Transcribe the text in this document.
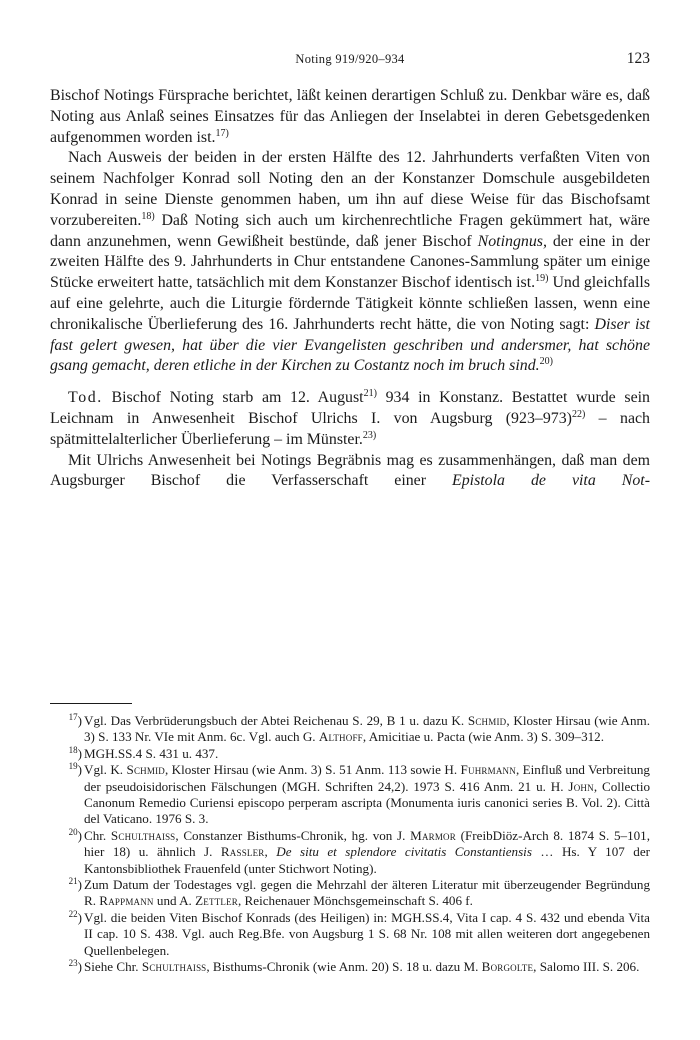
Noting 919/920–934	123

Bischof Notings Fürsprache berichtet, läßt keinen derartigen Schluß zu. Denkbar wäre es, daß Noting aus Anlaß seines Einsatzes für das Anliegen der Inselabtei in deren Gebetsgedenken aufgenommen worden ist.$^{17)}$

Nach Ausweis der beiden in der ersten Hälfte des 12. Jahrhunderts verfaßten Viten von seinem Nachfolger Konrad soll Noting den an der Konstanzer Domschule ausgebildeten Konrad in seine Dienste genommen haben, um ihn auf diese Weise für das Bischofsamt vorzubereiten.$^{18)}$ Daß Noting sich auch um kirchenrechtliche Fragen gekümmert hat, wäre dann anzunehmen, wenn Gewißheit bestünde, daß jener Bischof Notingnus, der eine in der zweiten Hälfte des 9. Jahrhunderts in Chur entstandene Canones-Sammlung später um einige Stücke erweitert hatte, tatsächlich mit dem Konstanzer Bischof identisch ist.$^{19)}$ Und gleichfalls auf eine gelehrte, auch die Liturgie fördernde Tätigkeit könnte schließen lassen, wenn eine chronikalische Überlieferung des 16. Jahrhunderts recht hätte, die von Noting sagt: Diser ist fast gelert gwesen, hat über die vier Evangelisten geschriben und andersmer, hat schöne gsang gemacht, deren etliche in der Kirchen zu Costantz noch im bruch sind.$^{20)}$

Tod. Bischof Noting starb am 12. August$^{21)}$ 934 in Konstanz. Bestattet wurde sein Leichnam in Anwesenheit Bischof Ulrichs I. von Augsburg $(923-973)^{22)}$ – nach spätmittelalterlicher Überlieferung – im Münster.$^{23)}$

Mit Ulrichs Anwesenheit bei Notings Begräbnis mag es zusammenhängen, daß man dem Augsburger Bischof die Verfasserschaft einer Epistola de vita Not-

$^{17}$) Vgl. Das Verbrüderungsbuch der Abtei Reichenau S. 29, B 1 u. dazu K. Schmid, Kloster Hirsau (wie Anm. 3) S. 133 Nr. VIe mit Anm. 6c. Vgl. auch G. Althoff, Amicitiae u. Pacta (wie Anm. 3) S. 309–312.
$^{18}$) MGH.SS.4 S. 431 u. 437.
$^{19}$) Vgl. K. Schmid, Kloster Hirsau (wie Anm. 3) S. 51 Anm. 113 sowie H. Fuhrmann, Einfluß und Verbreitung der pseudoisidorischen Fälschungen (MGH. Schriften 24,2). 1973 S. 416 Anm. 21 u. H. John, Collectio Canonum Remedio Curiensi episcopo perperam ascripta (Monumenta iuris canonici series B. Vol. 2). Città del Vaticano. 1976 S. 3.
$^{20}$) Chr. Schulthaiß, Constanzer Bisthums-Chronik, hg. von J. Marmor (FreibDiöz-Arch 8. 1874 S. 5–101, hier 18) u. ähnlich J. Rassler, De situ et splendore civitatis Constantiensis … Hs. Y 107 der Kantonsbibliothek Frauenfeld (unter Stichwort Noting).
$^{21}$) Zum Datum der Todestages vgl. gegen die Mehrzahl der älteren Literatur mit überzeugender Begründung R. Rappmann und A. Zettler, Reichenauer Mönchsgemeinschaft S. 406 f.
$^{22}$) Vgl. die beiden Viten Bischof Konrads (des Heiligen) in: MGH.SS.4, Vita I cap. 4 S. 432 und ebenda Vita II cap. 10 S. 438. Vgl. auch Reg.Bfe. von Augsburg 1 S. 68 Nr. 108 mit allen weiteren dort angegebenen Quellenbelegen.
$^{23}$) Siehe Chr. Schulthaiß, Bisthums-Chronik (wie Anm. 20) S. 18 u. dazu M. Borgolte, Salomo III. S. 206.
